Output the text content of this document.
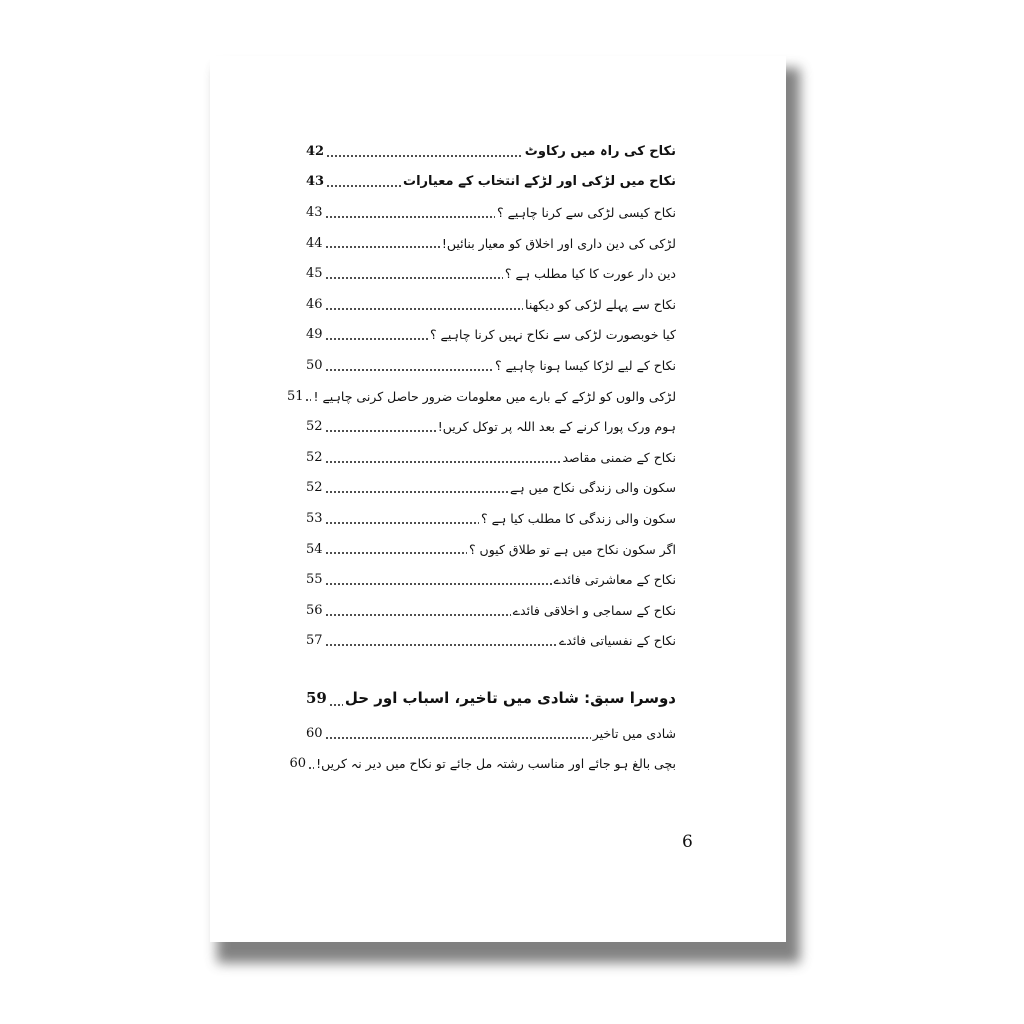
نکاح کی راہ میں رکاوٹ
42
نکاح میں لڑکی اور لڑکے انتخاب کے معیارات
43
نکاح کیسی لڑکی سے کرنا چاہیے ؟
43
لڑکی کی دین داری اور اخلاق کو معیار بنائیں!
44
دین دار عورت کا کیا مطلب ہے ؟
45
نکاح سے پہلے لڑکی کو دیکھنا
46
کیا خوبصورت لڑکی سے نکاح نہیں کرنا چاہیے ؟
49
نکاح کے لیے لڑکا کیسا ہونا چاہیے ؟
50
لڑکی والوں کو لڑکے کے بارے میں معلومات ضرور حاصل کرنی چاہیے !
51
ہوم ورک پورا کرنے کے بعد اللہ پر توکل کریں!
52
نکاح کے ضمنی مقاصد
52
سکون والی زندگی نکاح میں ہے
52
سکون والی زندگی کا مطلب کیا ہے ؟
53
اگر سکون نکاح میں ہے تو طلاق کیوں ؟
54
نکاح کے معاشرتی فائدے
55
نکاح کے سماجی و اخلاقی فائدے
56
نکاح کے نفسیاتی فائدے
57
دوسرا سبق: شادی میں تاخیر، اسباب اور حل
59
شادی میں تاخیر
60
بچی بالغ ہو جائے اور مناسب رشتہ مل جائے تو نکاح میں دیر نہ کریں!
60
6
